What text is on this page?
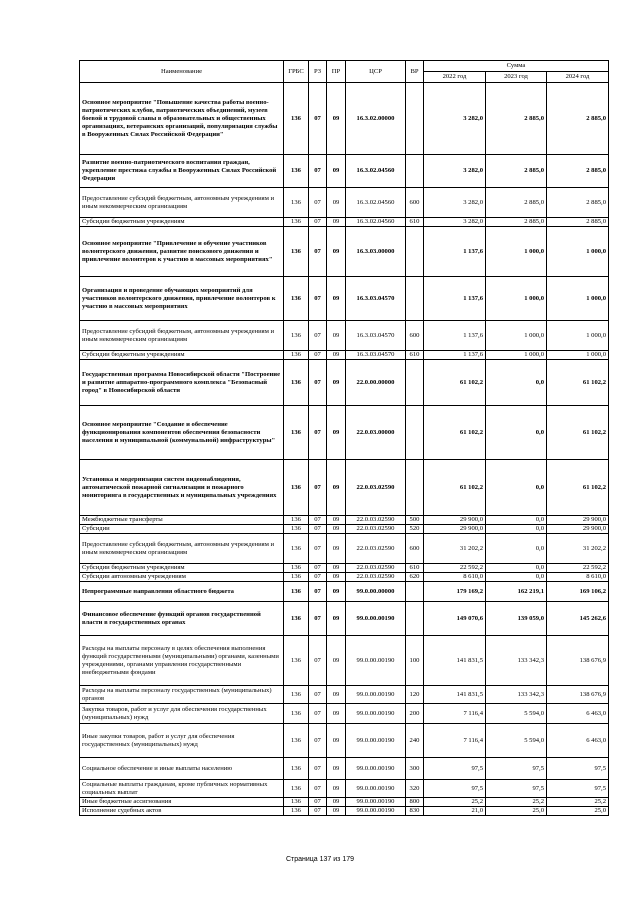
Наименование	ГРБС	РЗ	ПР	ЦСР	ВР	Сумма		
						2022 год	2023 год	2024 год
Основное мероприятие "Повышение качества работы военно-патриотических клубов, патриотических объединений, музеев боевой и трудовой славы в образовательных и общественных организациях, ветеранских организаций, популяризация службы в Вооруженных Силах Российской Федерации"	136	07	09	16.3.02.00000		3 282,0	2 885,0	2 885,0
Развитие военно-патриотического воспитания граждан, укрепление престижа службы в Вооруженных Силах Российской Федерации	136	07	09	16.3.02.04560		3 282,0	2 885,0	2 885,0
Предоставление субсидий бюджетным, автономным учреждениям и иным некоммерческим организациям	136	07	09	16.3.02.04560	600	3 282,0	2 885,0	2 885,0
Субсидии бюджетным учреждениям	136	07	09	16.3.02.04560	610	3 282,0	2 885,0	2 885,0
Основное мероприятие "Привлечение и обучение участников волонтерского движения, развитие поискового движения и привлечение волонтеров к участию в массовых мероприятиях"	136	07	09	16.3.03.00000		1 137,6	1 000,0	1 000,0
Организация и проведение обучающих мероприятий для участников волонтерского движения, привлечение волонтеров к участию в массовых мероприятиях	136	07	09	16.3.03.04570		1 137,6	1 000,0	1 000,0
Предоставление субсидий бюджетным, автономным учреждениям и иным некоммерческим организациям	136	07	09	16.3.03.04570	600	1 137,6	1 000,0	1 000,0
Субсидии бюджетным учреждениям	136	07	09	16.3.03.04570	610	1 137,6	1 000,0	1 000,0
Государственная программа Новосибирской области "Построение и развитие аппаратно-программного комплекса "Безопасный город" в Новосибирской области	136	07	09	22.0.00.00000		61 102,2	0,0	61 102,2
Основное мероприятие "Создание и обеспечение функционирования компонентов обеспечения безопасности населения и муниципальной (коммунальной) инфраструктуры"	136	07	09	22.0.03.00000		61 102,2	0,0	61 102,2
Установка и модернизация систем видеонаблюдения, автоматической пожарной сигнализации и пожарного мониторинга в государственных и муниципальных учреждениях	136	07	09	22.0.03.02590		61 102,2	0,0	61 102,2
Межбюджетные трансферты	136	07	09	22.0.03.02590	500	29 900,0	0,0	29 900,0
Субсидии	136	07	09	22.0.03.02590	520	29 900,0	0,0	29 900,0
Предоставление субсидий бюджетным, автономным учреждениям и иным некоммерческим организациям	136	07	09	22.0.03.02590	600	31 202,2	0,0	31 202,2
Субсидии бюджетным учреждениям	136	07	09	22.0.03.02590	610	22 592,2	0,0	22 592,2
Субсидии автономным учреждениям	136	07	09	22.0.03.02590	620	8 610,0	0,0	8 610,0
Непрограммные направления областного бюджета	136	07	09	99.0.00.00000		179 169,2	162 219,1	169 106,2
Финансовое обеспечение функций органов государственной власти в государственных органах	136	07	09	99.0.00.00190		149 070,6	139 059,0	145 262,6
Расходы на выплаты персоналу в целях обеспечения выполнения функций государственными (муниципальными) органами, казенными учреждениями, органами управления государственными внебюджетными фондами	136	07	09	99.0.00.00190	100	141 831,5	133 342,3	138 676,9
Расходы на выплаты персоналу государственных (муниципальных) органов	136	07	09	99.0.00.00190	120	141 831,5	133 342,3	138 676,9
Закупка товаров, работ и услуг для обеспечения государственных (муниципальных) нужд	136	07	09	99.0.00.00190	200	7 116,4	5 594,0	6 463,0
Иные закупки товаров, работ и услуг для обеспечения государственных (муниципальных) нужд	136	07	09	99.0.00.00190	240	7 116,4	5 594,0	6 463,0
Социальное обеспечение и иные выплаты населению	136	07	09	99.0.00.00190	300	97,5	97,5	97,5
Социальные выплаты гражданам, кроме публичных нормативных социальных выплат	136	07	09	99.0.00.00190	320	97,5	97,5	97,5
Иные бюджетные ассигнования	136	07	09	99.0.00.00190	800	25,2	25,2	25,2
Исполнение судебных актов	136	07	09	99.0.00.00190	830	21,0	25,0	25,0
Страница 137 из 179
